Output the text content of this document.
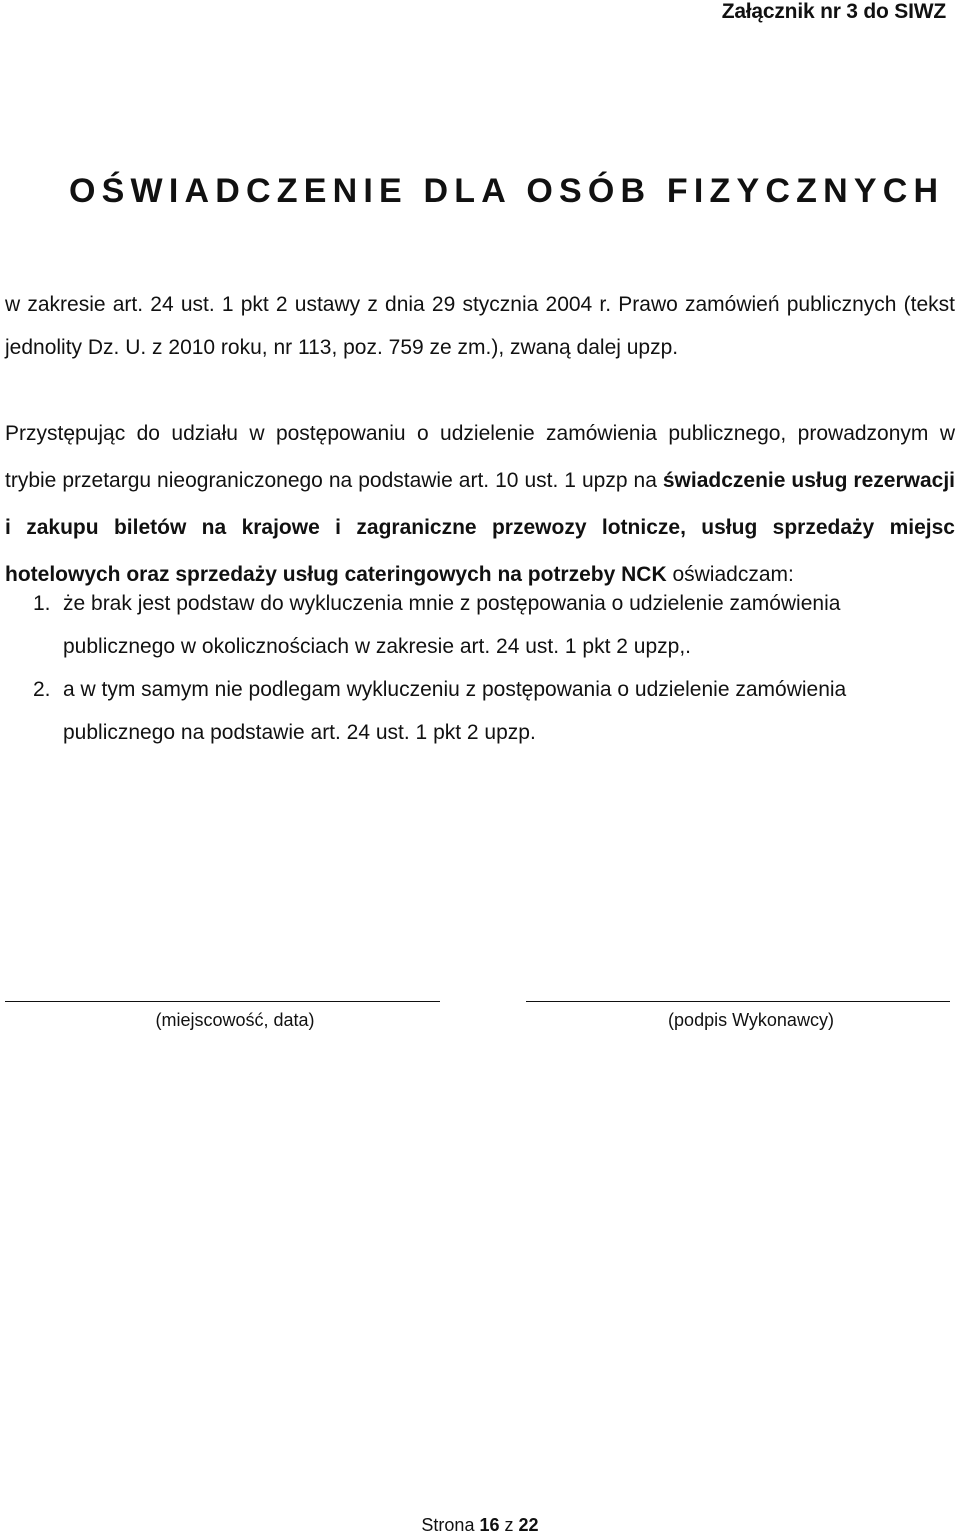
Załącznik nr 3 do SIWZ
OŚWIADCZENIE DLA OSÓB FIZYCZNYCH

w zakresie art. 24 ust. 1 pkt 2 ustawy z dnia 29 stycznia 2004 r. Prawo zamówień publicznych (tekst jednolity Dz. U. z 2010 roku, nr 113, poz. 759 ze zm.), zwaną dalej upzp.

Przystępując do udziału w postępowaniu o udzielenie zamówienia publicznego, prowadzonym w trybie przetargu nieograniczonego na podstawie art. 10 ust. 1 upzp na świadczenie usług rezerwacji i zakupu biletów na krajowe i zagraniczne przewozy lotnicze, usług sprzedaży miejsc hotelowych oraz sprzedaży usług cateringowych na potrzeby NCK oświadczam:

1. że brak jest podstaw do wykluczenia mnie z postępowania o udzielenie zamówienia publicznego w okolicznościach w zakresie art. 24 ust. 1 pkt 2 upzp,.
2. a w tym samym nie podlegam wykluczeniu z postępowania o udzielenie zamówienia publicznego na podstawie art. 24 ust. 1 pkt 2 upzp.
(miejscowość, data)	(podpis Wykonawcy)
Strona 16 z 22
